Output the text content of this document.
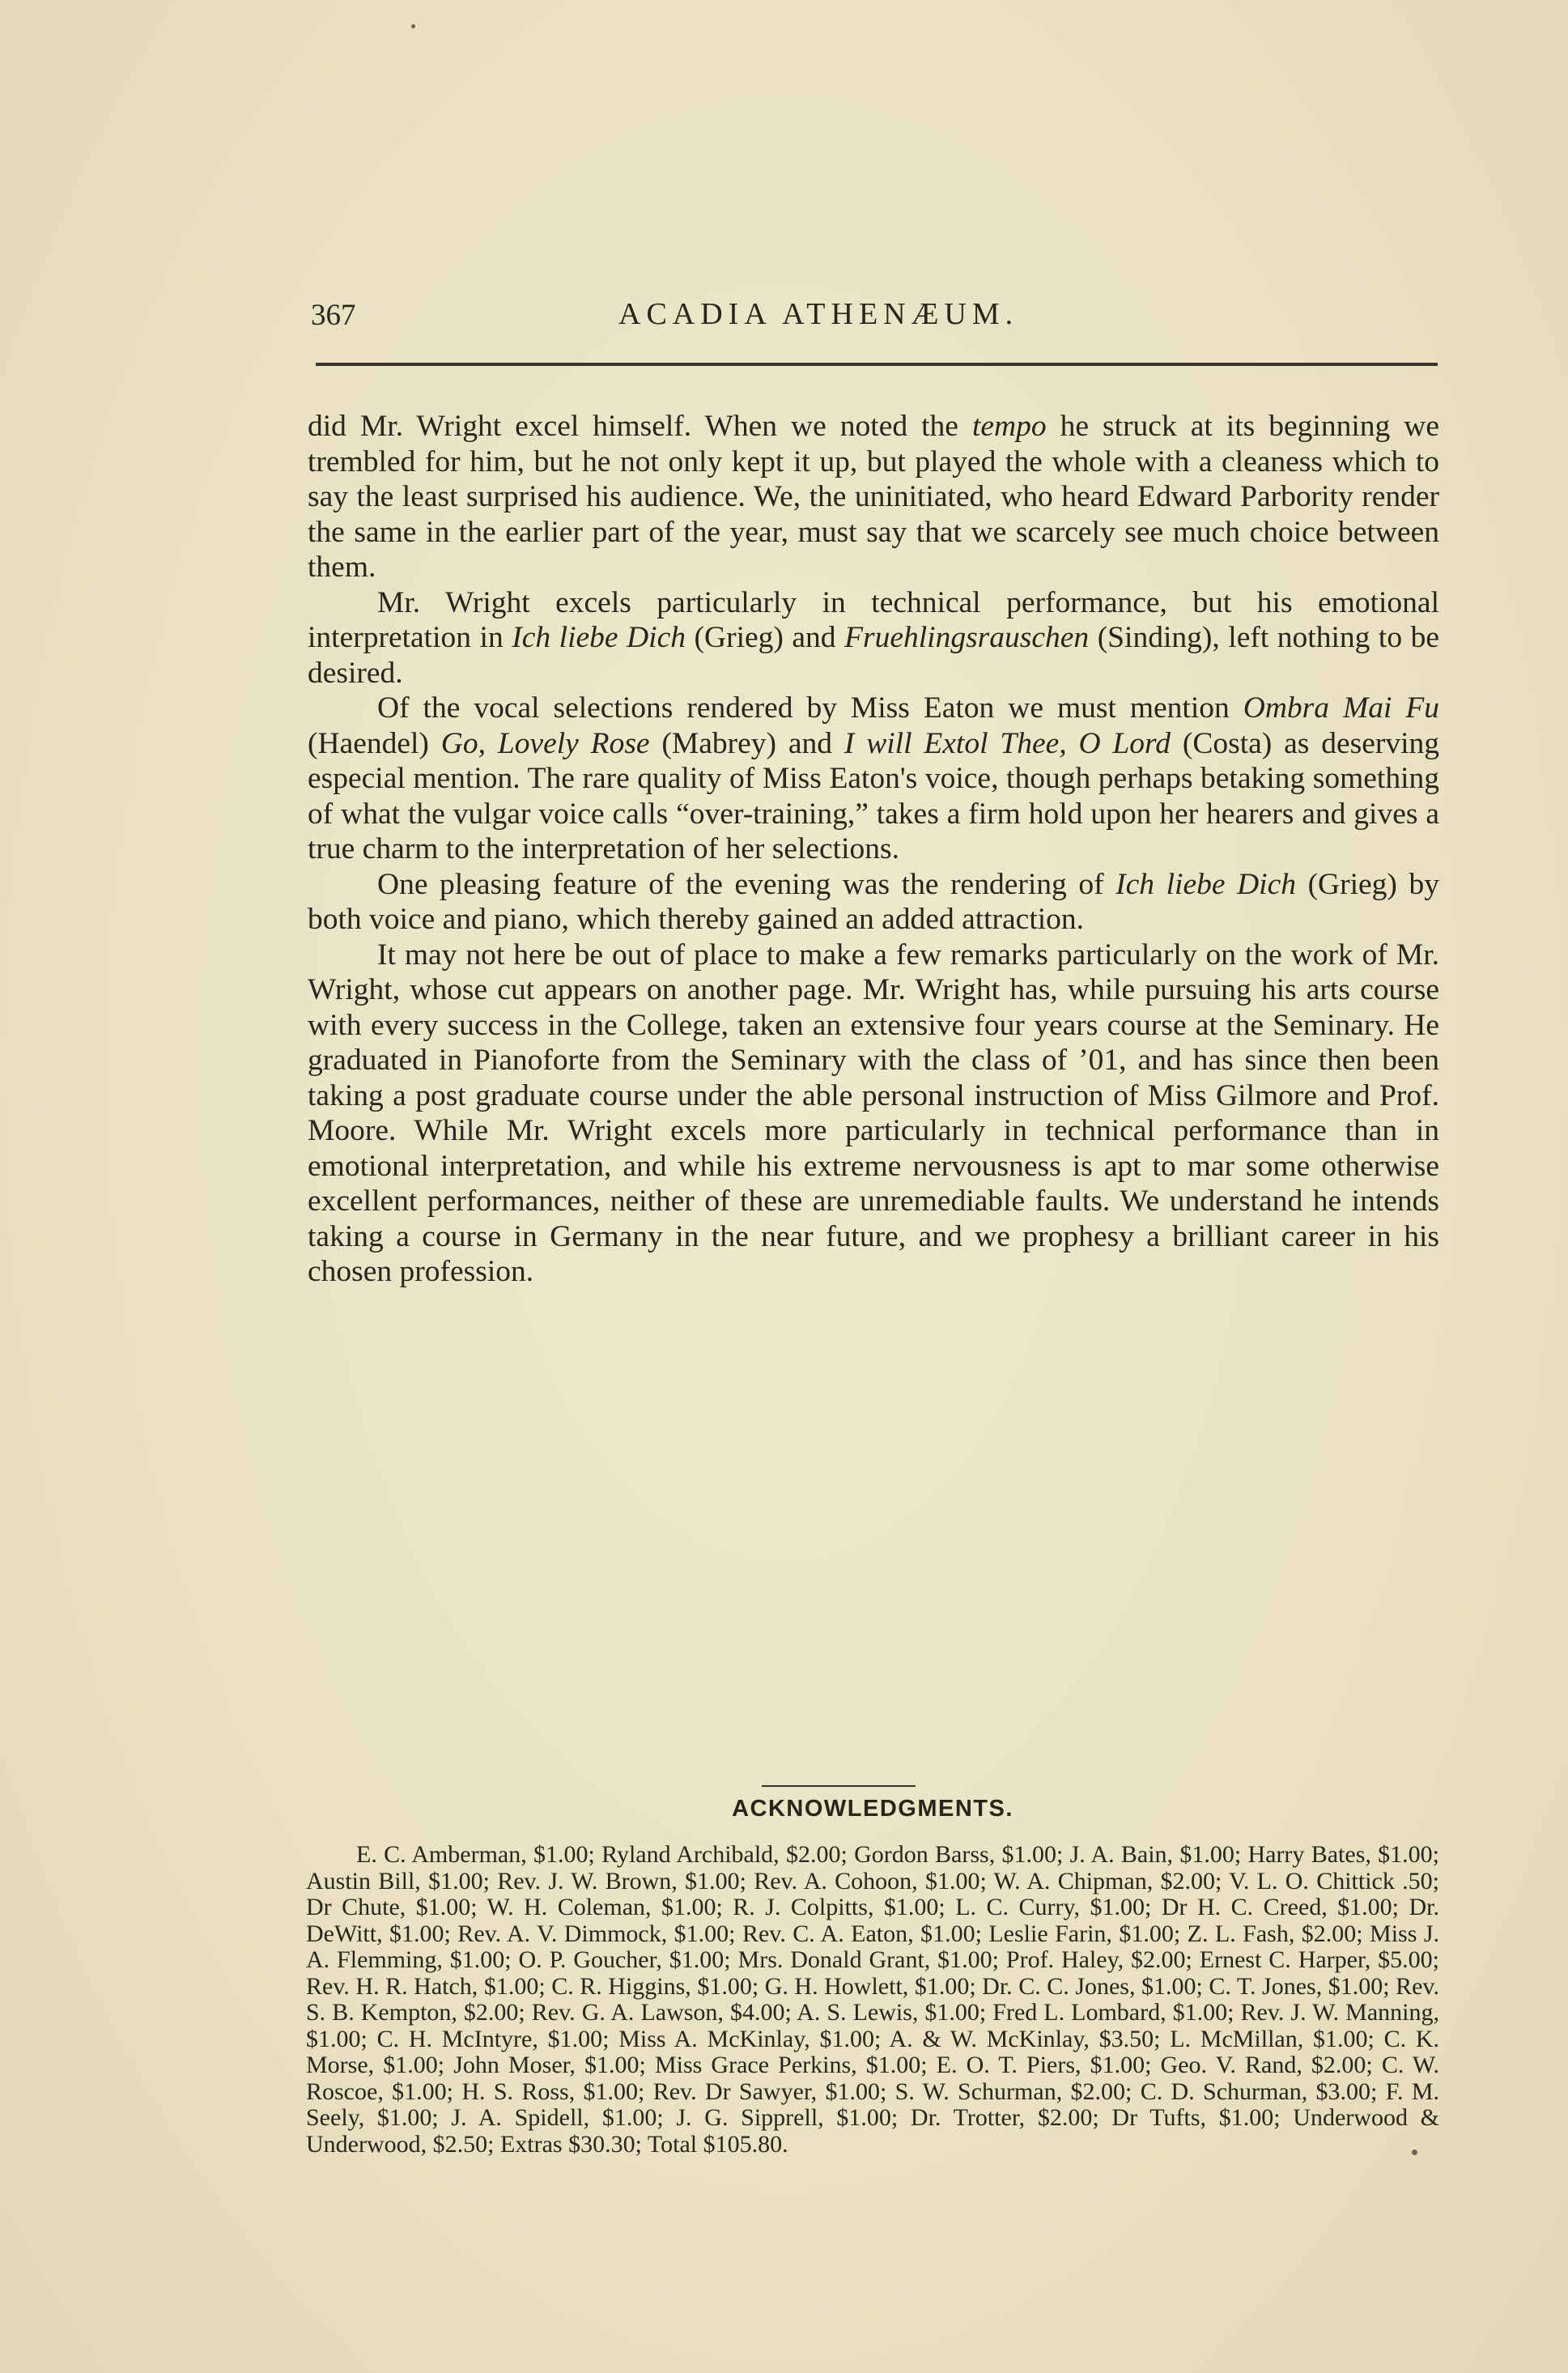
367	ACADIA ATHENÆUM.

did Mr. Wright excel himself. When we noted the tempo he struck at its beginning we trembled for him, but he not only kept it up, but played the whole with a cleaness which to say the least surprised his audience. We, the uninitiated, who heard Edward Parbority render the same in the earlier part of the year, must say that we scarcely see much choice between them.

Mr. Wright excels particularly in technical performance, but his emotional interpretation in Ich liebe Dich (Grieg) and Fruehlingsrauschen (Sinding), left nothing to be desired.

Of the vocal selections rendered by Miss Eaton we must mention Ombra Mai Fu (Haendel) Go, Lovely Rose (Mabrey) and I will Extol Thee, O Lord (Costa) as deserving especial mention. The rare quality of Miss Eaton's voice, though perhaps betaking something of what the vulgar voice calls “over-training,” takes a firm hold upon her hearers and gives a true charm to the interpretation of her selections.

One pleasing feature of the evening was the rendering of Ich liebe Dich (Grieg) by both voice and piano, which thereby gained an added attraction.

It may not here be out of place to make a few remarks particularly on the work of Mr. Wright, whose cut appears on another page. Mr. Wright has, while pursuing his arts course with every success in the College, taken an extensive four years course at the Seminary. He graduated in Pianoforte from the Seminary with the class of ’01, and has since then been taking a post graduate course under the able personal instruction of Miss Gilmore and Prof. Moore. While Mr. Wright excels more particularly in technical performance than in emotional interpretation, and while his extreme nervousness is apt to mar some otherwise excellent performances, neither of these are unremediable faults. We understand he intends taking a course in Germany in the near future, and we prophesy a brilliant career in his chosen profession.

ACKNOWLEDGMENTS.
E. C. Amberman, $1.00; Ryland Archibald, $2.00; Gordon Barss, $1.00; J. A. Bain, $1.00; Harry Bates, $1.00; Austin Bill, $1.00; Rev. J. W. Brown, $1.00; Rev. A. Cohoon, $1.00; W. A. Chipman, $2.00; V. L. O. Chittick .50; Dr Chute, $1.00; W. H. Coleman, $1.00; R. J. Colpitts, $1.00; L. C. Curry, $1.00; Dr H. C. Creed, $1.00; Dr. DeWitt, $1.00; Rev. A. V. Dimmock, $1.00; Rev. C. A. Eaton, $1.00; Leslie Farin, $1.00; Z. L. Fash, $2.00; Miss J. A. Flemming, $1.00; O. P. Goucher, $1.00; Mrs. Donald Grant, $1.00; Prof. Haley, $2.00; Ernest C. Harper, $5.00; Rev. H. R. Hatch, $1.00; C. R. Higgins, $1.00; G. H. Howlett, $1.00; Dr. C. C. Jones, $1.00; C. T. Jones, $1.00; Rev. S. B. Kempton, $2.00; Rev. G. A. Lawson, $4.00; A. S. Lewis, $1.00; Fred L. Lombard, $1.00; Rev. J. W. Manning, $1.00; C. H. McIntyre, $1.00; Miss A. McKinlay, $1.00; A. & W. McKinlay, $3.50; L. McMillan, $1.00; C. K. Morse, $1.00; John Moser, $1.00; Miss Grace Perkins, $1.00; E. O. T. Piers, $1.00; Geo. V. Rand, $2.00; C. W. Roscoe, $1.00; H. S. Ross, $1.00; Rev. Dr Sawyer, $1.00; S. W. Schurman, $2.00; C. D. Schurman, $3.00; F. M. Seely, $1.00; J. A. Spidell, $1.00; J. G. Sipprell, $1.00; Dr. Trotter, $2.00; Dr Tufts, $1.00; Underwood & Underwood, $2.50; Extras $30.30; Total $105.80.
